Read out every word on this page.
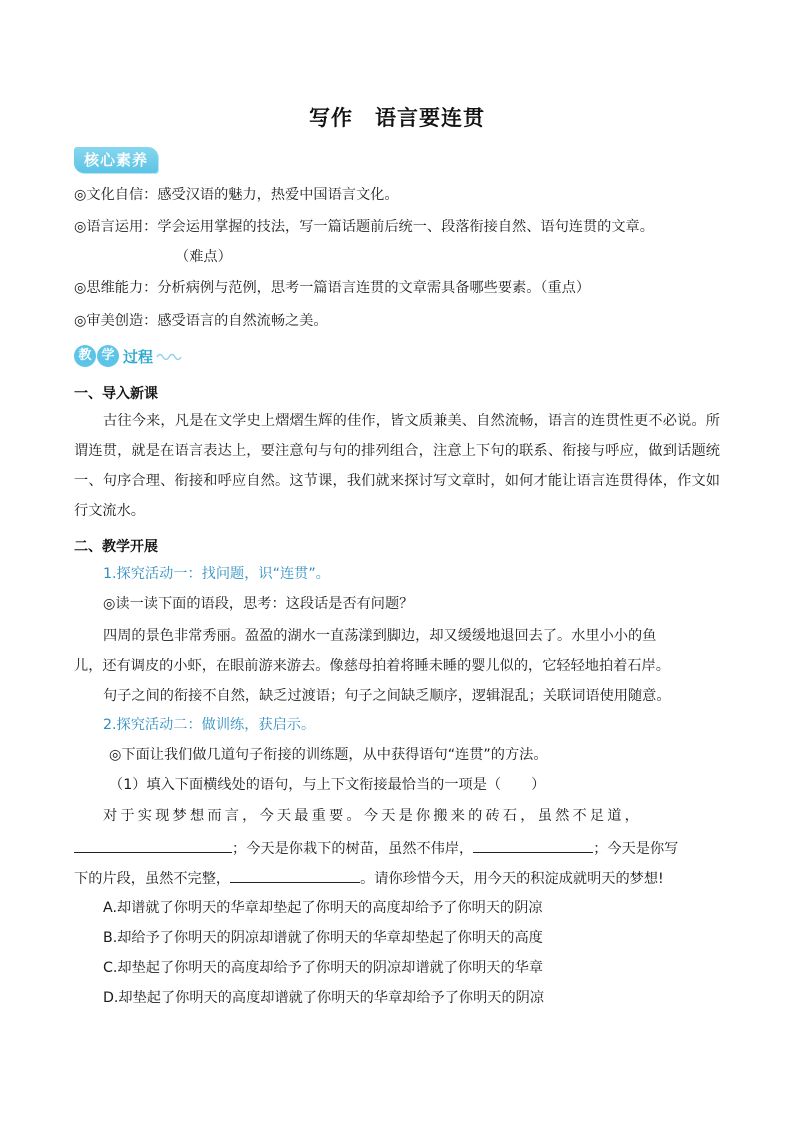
写作 语言要连贯
核心素养
◎文化自信：感受汉语的魅力，热爱中国语言文化。
◎语言运用：学会运用掌握的技法，写一篇话题前后统一、段落衔接自然、语句连贯的文章。
（难点）
◎思维能力：分析病例与范例，思考一篇语言连贯的文章需具备哪些要素。（重点）
◎审美创造：感受语言的自然流畅之美。
教 学 过程
一、导入新课
古往今来，凡是在文学史上熠熠生辉的佳作，皆文质兼美、自然流畅，语言的连贯性更不必说。所谓连贯，就是在语言表达上，要注意句与句的排列组合，注意上下句的联系、衔接与呼应，做到话题统一、句序合理、衔接和呼应自然。这节课，我们就来探讨写文章时，如何才能让语言连贯得体，作文如行文流水。
二、教学开展
1.探究活动一：找问题，识“连贯”。
◎读一读下面的语段，思考：这段话是否有问题？
四周的景色非常秀丽。盈盈的湖水一直荡漾到脚边，却又缓缓地退回去了。水里小小的鱼
儿，还有调皮的小虾，在眼前游来游去。像慈母拍着将睡未睡的婴儿似的，它轻轻地拍着石岸。
句子之间的衔接不自然，缺乏过渡语；句子之间缺乏顺序，逻辑混乱；关联词语使用随意。
2.探究活动二：做训练，获启示。
◎下面让我们做几道句子衔接的训练题，从中获得语句“连贯”的方法。
（1）填入下面横线处的语句，与上下文衔接最恰当的一项是（ ）
对于实现梦想而言，今天最重要。今天是你搬来的砖石，虽然不足道，
；今天是你栽下的树苗，虽然不伟岸，	；今天是你写
下的片段，虽然不完整，	。请你珍惜今天，用今天的积淀成就明天的梦想!
A.却谱就了你明天的华章却垫起了你明天的高度却给予了你明天的阴凉
B.却给予了你明天的阴凉却谱就了你明天的华章却垫起了你明天的高度
C.却垫起了你明天的高度却给予了你明天的阴凉却谱就了你明天的华章
D.却垫起了你明天的高度却谱就了你明天的华章却给予了你明天的阴凉
